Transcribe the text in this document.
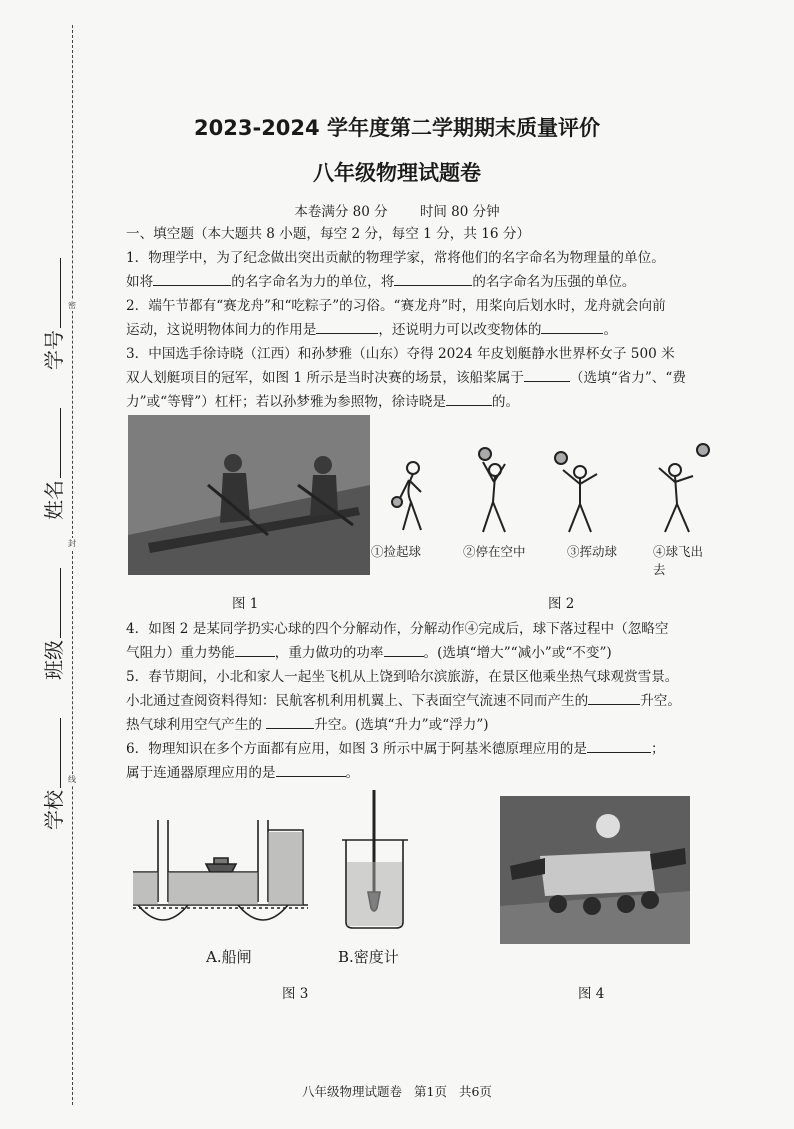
密
封
线
学校
班级
姓名
学号
2023-2024 学年度第二学期期末质量评价
八年级物理试题卷
本卷满分 80 分 时间 80 分钟
一、填空题（本大题共 8 小题，每空 2 分，每空 1 分，共 16 分）
1．物理学中，为了纪念做出突出贡献的物理学家，常将他们的名字命名为物理量的单位。
如将	的名字命名为力的单位，将	的名字命名为压强的单位。
2．端午节都有“赛龙舟”和“吃粽子”的习俗。“赛龙舟”时，用桨向后划水时，龙舟就会向前
运动，这说明物体间力的作用是	，还说明力可以改变物体的	。
3．中国选手徐诗晓（江西）和孙梦雅（山东）夺得 2024 年皮划艇静水世界杯女子 500 米
双人划艇项目的冠军，如图 1 所示是当时决赛的场景，该船桨属于	（选填“省力”、“费
力”或“等臂”）杠杆；若以孙梦雅为参照物，徐诗晓是	的。
图 1
①捡起球	②停在空中	③挥动球	④球飞出去
图 2
4．如图 2 是某同学扔实心球的四个分解动作，分解动作④完成后，球下落过程中（忽略空
气阻力）重力势能	，重力做功的功率	。(选填“增大”“减小”或“不变”)
5．春节期间，小北和家人一起坐飞机从上饶到哈尔滨旅游，在景区他乘坐热气球观赏雪景。
小北通过查阅资料得知：民航客机利用机翼上、下表面空气流速不同而产生的	升空。
热气球利用空气产生的	升空。(选填“升力”或“浮力”)
6．物理知识在多个方面都有应用，如图 3 所示中属于阿基米德原理应用的是	；
属于连通器原理应用的是	。
A.船闸	B.密度计
图 3	图 4
八年级物理试题卷 第1页 共6页
